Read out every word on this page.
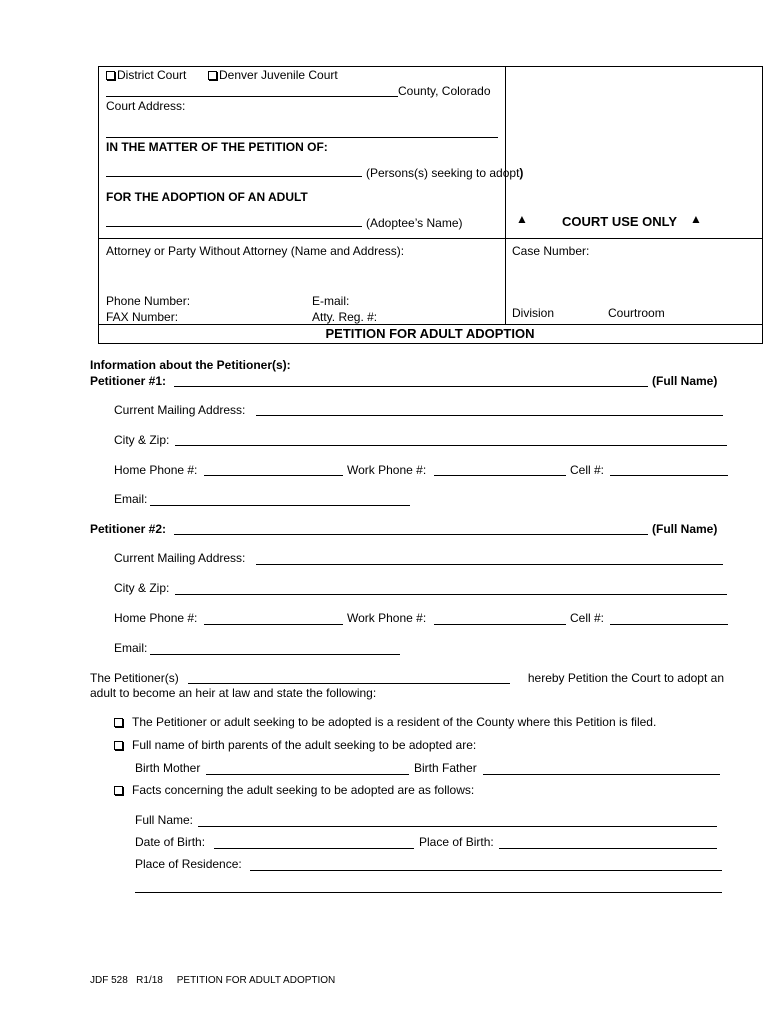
District Court	Denver Juvenile Court
County, Colorado
Court Address:
IN THE MATTER OF THE PETITION OF:
(Persons(s) seeking to adopt)
FOR THE ADOPTION OF AN ADULT
(Adoptee’s Name)	▲	COURT USE ONLY ▲
Attorney or Party Without Attorney (Name and Address):
Phone Number:	E-mail:
FAX Number:	Atty. Reg. #:
Case Number:
Division	Courtroom
PETITION FOR ADULT ADOPTION
Information about the Petitioner(s):
Petitioner #1:	(Full Name)
Current Mailing Address:
City & Zip:
Home Phone #:	Work Phone #:	Cell #:
Email:
Petitioner #2:	(Full Name)
Current Mailing Address:
City & Zip:
Home Phone #:	Work Phone #:	Cell #:
Email:
The Petitioner(s)	hereby Petition the Court to adopt an
adult to become an heir at law and state the following:
The Petitioner or adult seeking to be adopted is a resident of the County where this Petition is filed.
Full name of birth parents of the adult seeking to be adopted are:
Birth Mother	Birth Father
Facts concerning the adult seeking to be adopted are as follows:
Full Name:
Date of Birth:	Place of Birth:
Place of Residence:
JDF 528 R1/18 PETITION FOR ADULT ADOPTION
